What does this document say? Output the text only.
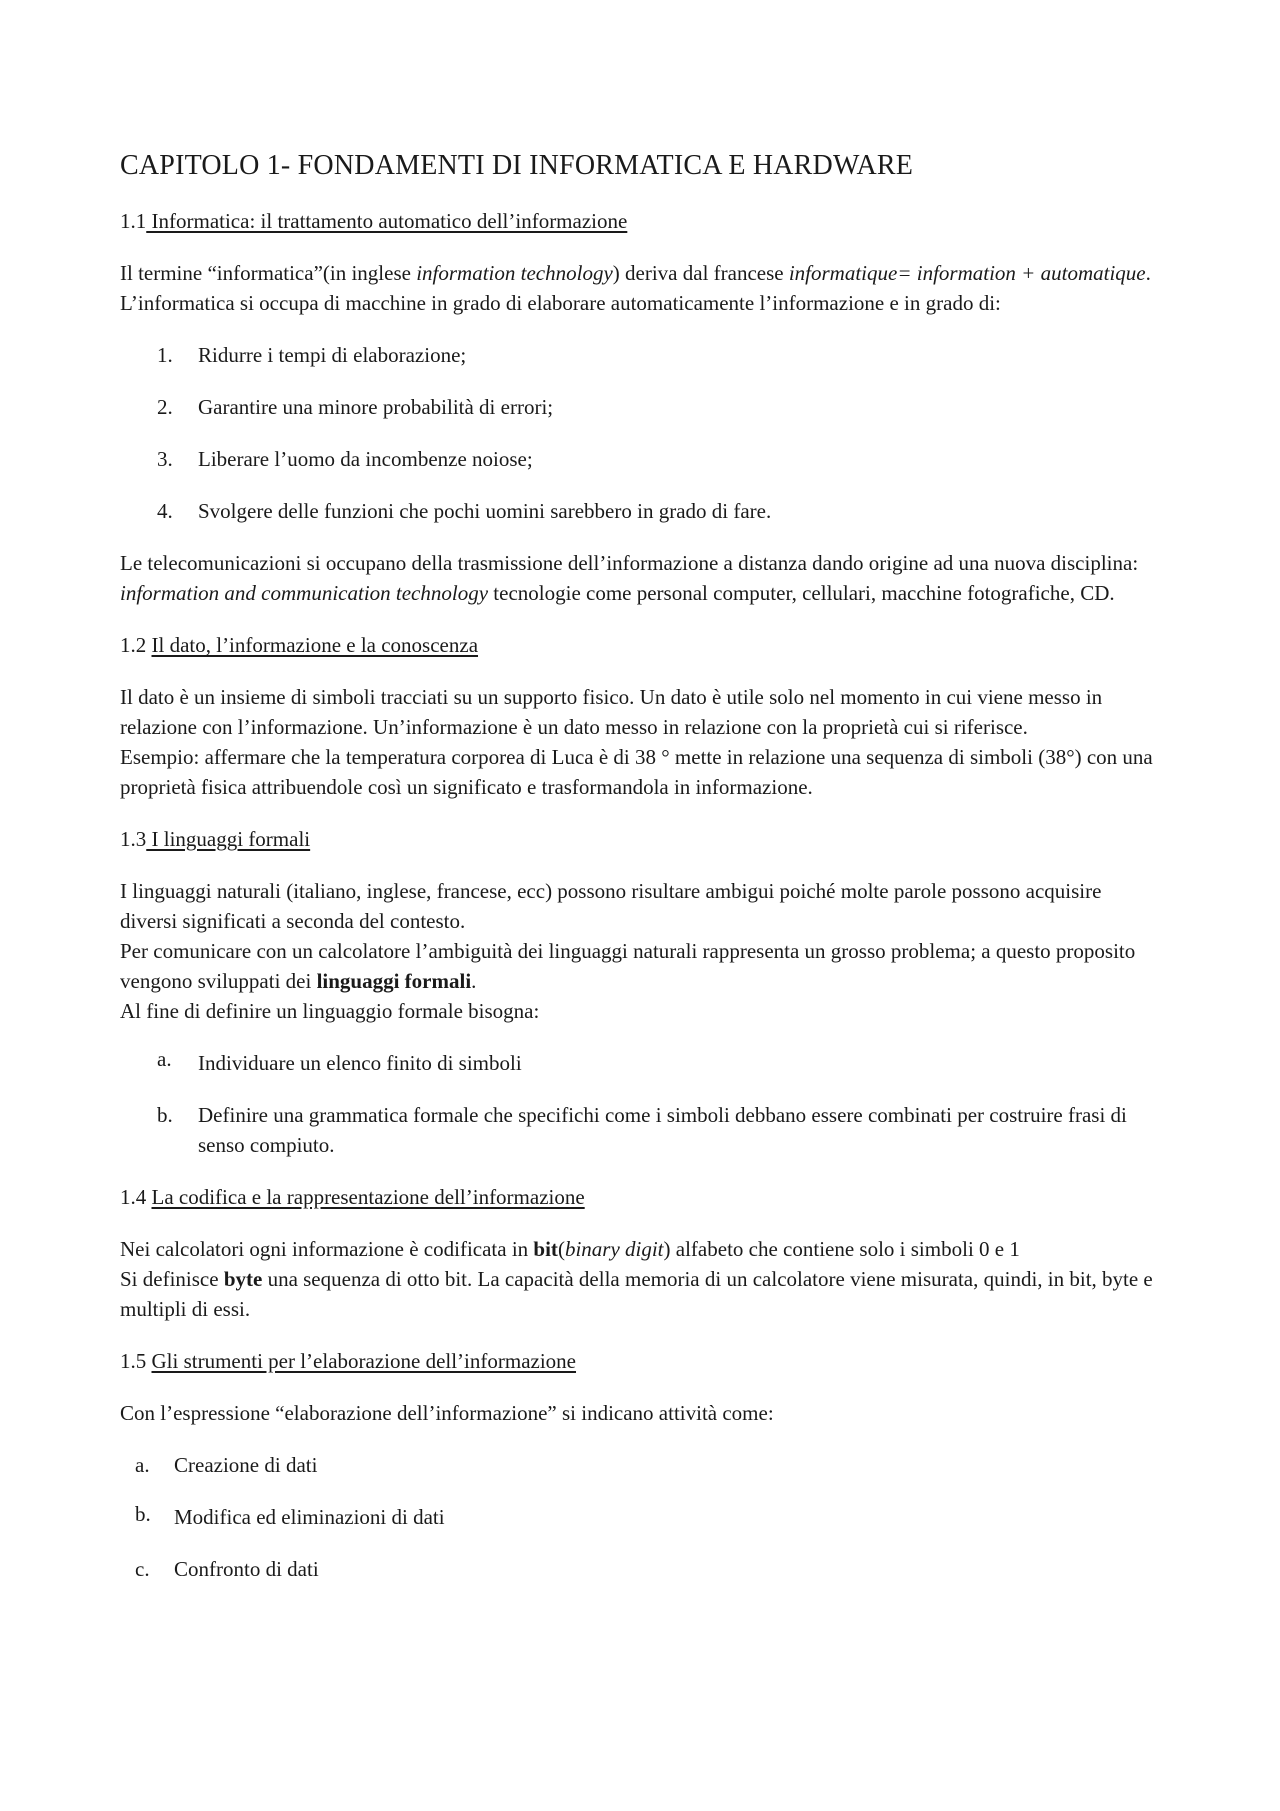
CAPITOLO 1- FONDAMENTI DI INFORMATICA E HARDWARE
1.1 Informatica: il trattamento automatico dell’informazione

Il termine “informatica”(in inglese information technology) deriva dal francese informatique= information + automatique.

L’informatica si occupa di macchine in grado di elaborare automaticamente l’informazione e in grado di:

1. Ridurre i tempi di elaborazione;
2. Garantire una minore probabilità di errori;
3. Liberare l’uomo da incombenze noiose;
4. Svolgere delle funzioni che pochi uomini sarebbero in grado di fare.

Le telecomunicazioni si occupano della trasmissione dell’informazione a distanza dando origine ad una nuova disciplina: information and communication technology tecnologie come personal computer, cellulari, macchine fotografiche, CD.

1.2 Il dato, l’informazione e la conoscenza

Il dato è un insieme di simboli tracciati su un supporto fisico. Un dato è utile solo nel momento in cui viene messo in relazione con l’informazione. Un’informazione è un dato messo in relazione con la proprietà cui si riferisce.

Esempio: affermare che la temperatura corporea di Luca è di 38 ° mette in relazione una sequenza di simboli (38°) con una proprietà fisica attribuendole così un significato e trasformandola in informazione.

1.3 I linguaggi formali

I linguaggi naturali (italiano, inglese, francese, ecc) possono risultare ambigui poiché molte parole possono acquisire diversi significati a seconda del contesto.

Per comunicare con un calcolatore l’ambiguità dei linguaggi naturali rappresenta un grosso problema; a questo proposito vengono sviluppati dei linguaggi formali.

Al fine di definire un linguaggio formale bisogna:

a. Individuare un elenco finito di simboli
b. Definire una grammatica formale che specifichi come i simboli debbano essere combinati per costruire frasi di senso compiuto.
1.4 La codifica e la rappresentazione dell’informazione

Nei calcolatori ogni informazione è codificata in bit(binary digit) alfabeto che contiene solo i simboli 0 e 1

Si definisce byte una sequenza di otto bit. La capacità della memoria di un calcolatore viene misurata, quindi, in bit, byte e multipli di essi.

1.5 Gli strumenti per l’elaborazione dell’informazione

Con l’espressione “elaborazione dell’informazione” si indicano attività come:

a. Creazione di dati
b. Modifica ed eliminazioni di dati
c. Confronto di dati
